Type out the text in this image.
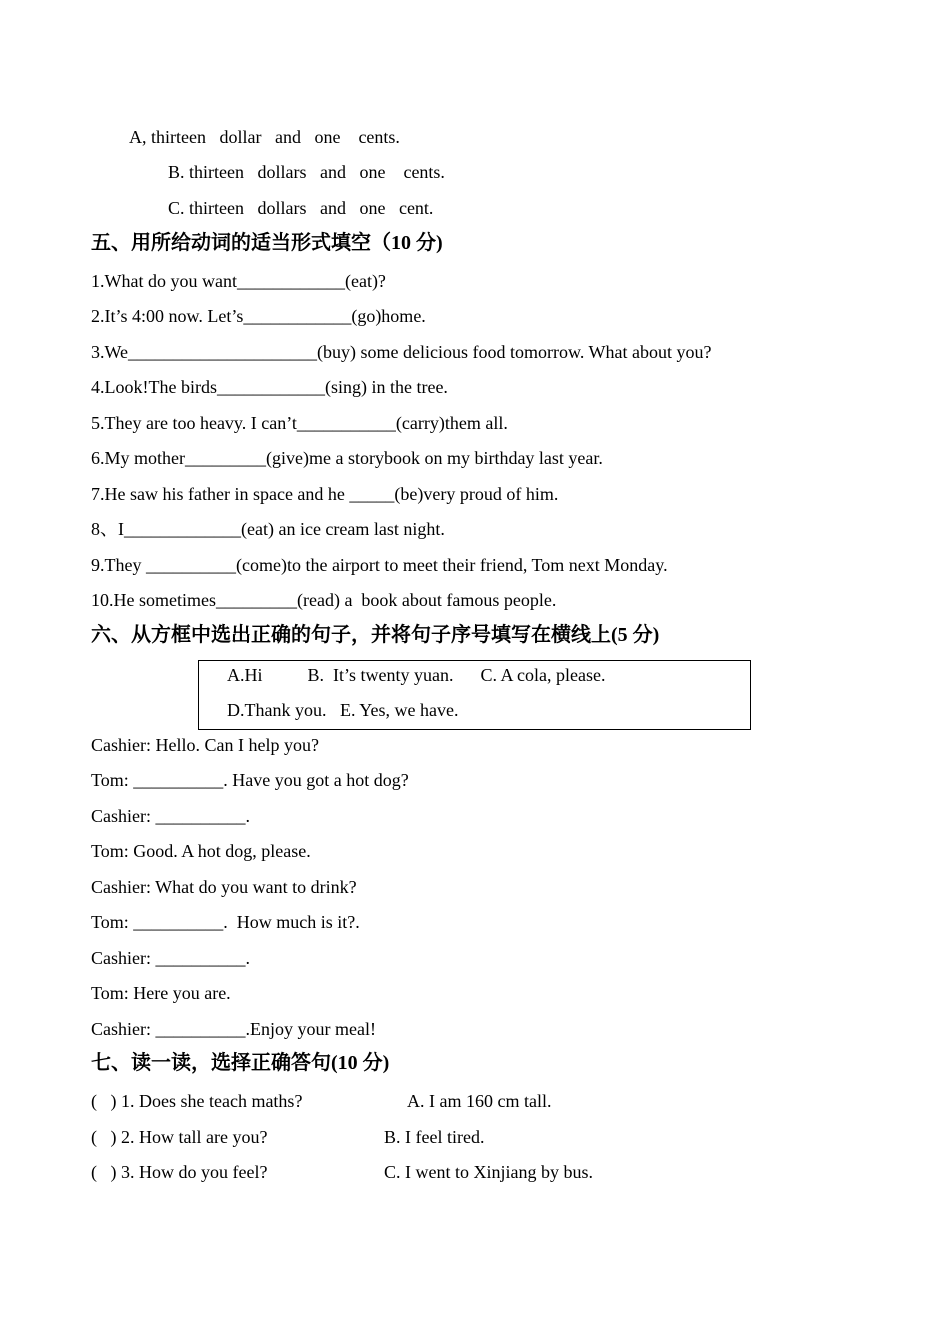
A, thirteen   dollar   and   one    cents.
B. thirteen   dollars   and   one    cents.
C. thirteen   dollars   and   one   cent.
五、用所给动词的适当形式填空（10 分)
1.What do you want____________(eat)?
2.It’s 4:00 now. Let’s____________(go)home.
3.We_____________________(buy) some delicious food tomorrow. What about you?
4.Look!The birds____________(sing) in the tree.
5.They are too heavy. I can’t___________(carry)them all.
6.My mother_________(give)me a storybook on my birthday last year.
7.He saw his father in space and he _____(be)very proud of him.
8、I_____________(eat) an ice cream last night.
9.They __________(come)to the airport to meet their friend, Tom next Monday.
10.He sometimes_________(read) a  book about famous people.
六、从方框中选出正确的句子，并将句子序号填写在横线上(5 分)
A.Hi          B.  It’s twenty yuan.      C. A cola, please.
D.Thank you.   E. Yes, we have.
Cashier: Hello. Can I help you?
Tom: __________. Have you got a hot dog?
Cashier: __________.
Tom: Good. A hot dog, please.
Cashier: What do you want to drink?
Tom: __________.  How much is it?.
Cashier: __________.
Tom: Here you are.
Cashier: __________.Enjoy your meal!
七、读一读，选择正确答句(10 分)
(   ) 1. Does she teach maths?	A. I am 160 cm tall.
(   ) 2. How tall are you?	B. I feel tired.
(   ) 3. How do you feel?	C. I went to Xinjiang by bus.
